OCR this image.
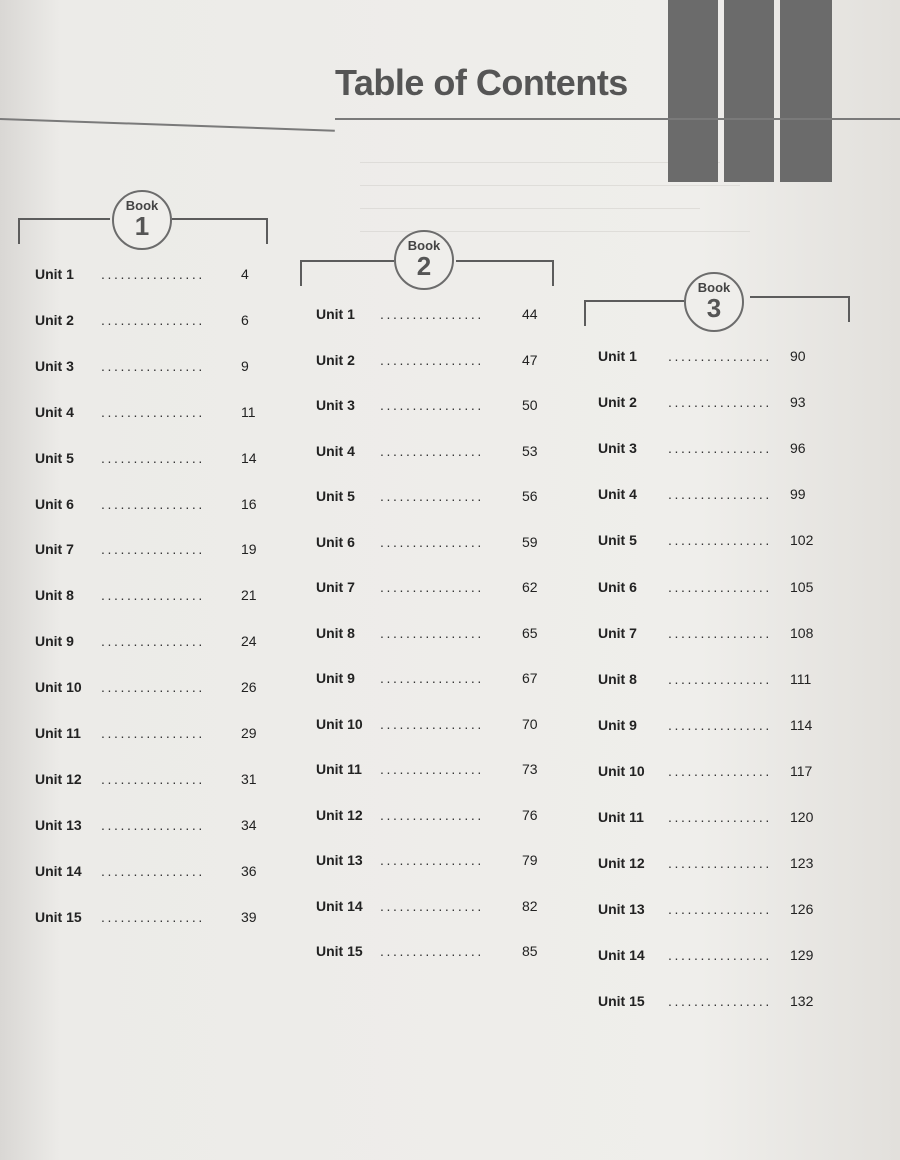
Table of Contents
Book
1
Book
2
Book
3
Unit 1 ................	4
Unit 2 ................	6
Unit 3 ................	9
Unit 4 ................	11
Unit 5 ................	14
Unit 6 ................	16
Unit 7 ................	19
Unit 8 ................	21
Unit 9 ................	24
Unit 10 ................	26
Unit 11 ................	29
Unit 12 ................	31
Unit 13 ................	34
Unit 14 ................	36
Unit 15 ................	39
Unit 1 ................	44
Unit 2 ................	47
Unit 3 ................	50
Unit 4 ................	53
Unit 5 ................	56
Unit 6 ................	59
Unit 7 ................	62
Unit 8 ................	65
Unit 9 ................	67
Unit 10 ................	70
Unit 11 ................	73
Unit 12 ................	76
Unit 13 ................	79
Unit 14 ................	82
Unit 15 ................	85
Unit 1 ................	90
Unit 2 ................	93
Unit 3 ................	96
Unit 4 ................	99
Unit 5 ................	102
Unit 6 ................	105
Unit 7 ................	108
Unit 8 ................	111
Unit 9 ................	114
Unit 10 ................	117
Unit 11 ................	120
Unit 12 ................	123
Unit 13 ................	126
Unit 14 ................	129
Unit 15 ................	132
